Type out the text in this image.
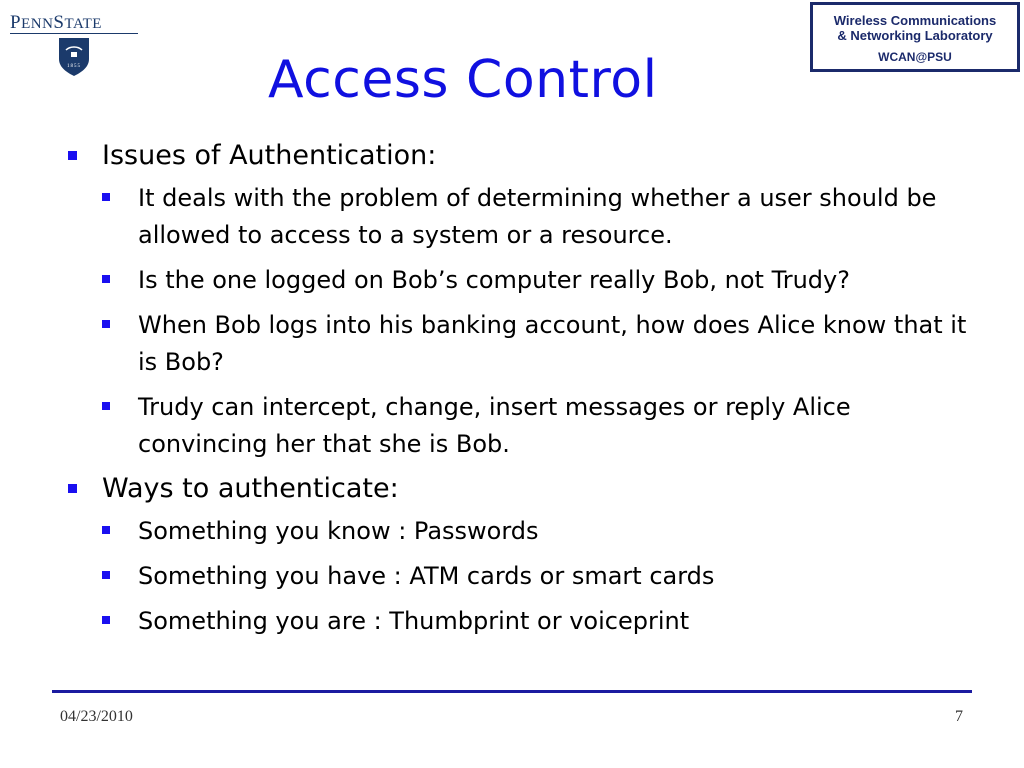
PENNSTATE
1855
Wireless Communications
& Networking Laboratory
WCAN@PSU
Access Control
Issues of Authentication:
It deals with the problem of determining whether a user should be allowed to access to a system or a resource.
Is the one logged on Bob’s computer really Bob, not Trudy?
When Bob logs into his banking account, how does Alice know that it is Bob?
Trudy can intercept, change, insert messages or reply Alice convincing her that she is Bob.
Ways to authenticate:
Something you know : Passwords
Something you have : ATM cards or smart cards
Something you are : Thumbprint or voiceprint
04/23/2010	7
